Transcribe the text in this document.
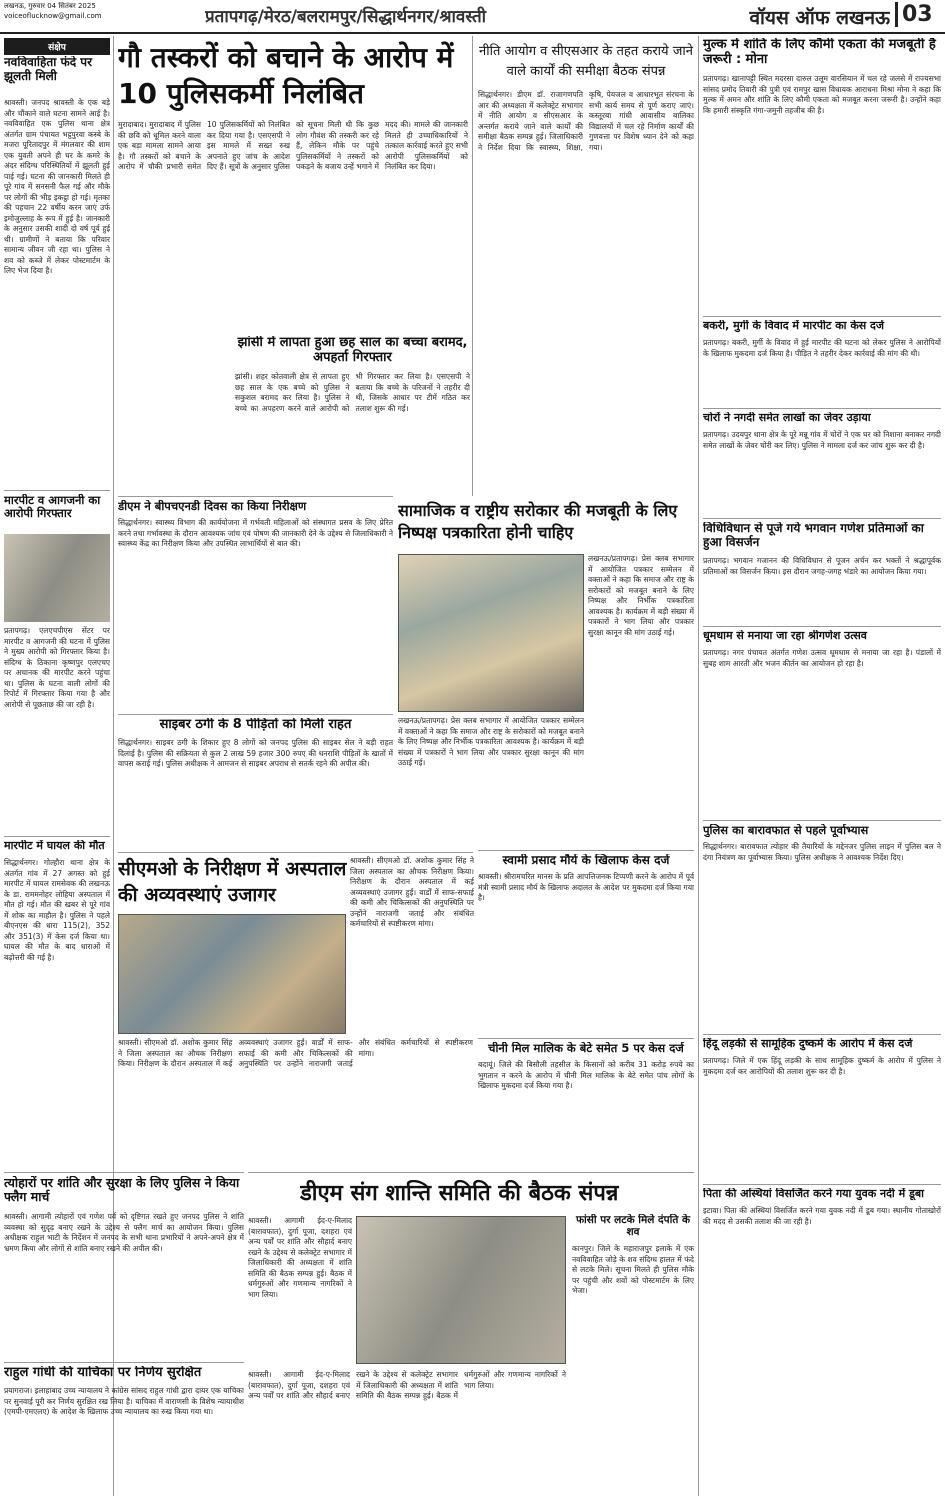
लखनऊ, गुरुवार 04 सितंबर 2025
voiceoflucknow@gmail.com	प्रतापगढ़/मेरठ/बलरामपुर/सिद्धार्थनगर/श्रावस्ती	वॉयस ऑफ लखनऊ 03
संक्षेप
नवविवाहिता फंदे पर झूलती मिली
श्रावस्ती। जनपद श्रावस्ती के एक बड़े और चौंकाने वाले घटना सामने आई है। नवविवाहित एक पुलिस थाना क्षेत्र अंतर्गत ग्राम पंचायत भट्ठपुरवा कस्बे के मजरा पूरितादपुर में मंगलवार की शाम एक युवती अपने ही घर के कमरे के अंदर संदिग्ध परिस्थितियों में झूलती हुई पाई गई। घटना की जानकारी मिलते ही पूरे गांव में सनसनी फैल गई और मौके पर लोगों की भीड़ इकट्ठा हो गई। मृतका की पहचान 22 वर्षीय करन जाएं उर्फ इमोजुल्लाह के रूप में हुई है। जानकारी के अनुसार उसकी शादी दो वर्ष पूर्व हुई थी। ग्रामीणों ने बताया कि परिवार सामान्य जीवन जी रहा था। पुलिस ने शव को कब्जे में लेकर पोस्टमार्टम के लिए भेज दिया है।
मारपीट व आगजनी का आरोपी गिरफ्तार
प्रतापगढ़। एलएचपीएस सेंटर पर मारपीट व आगजनी की घटना में पुलिस ने मुख्य आरोपी को गिरफ्तार किया है। संदिग्ध के ठिकाना कृष्णपुर एलएचए पर अचानक की मारपीट करने पहुंचा था। पुलिस के घटना वाली लोगों की रिपोर्ट में गिरफ्तार किया गया है और आरोपी से पूछताछ की जा रही है।
मारपीट में घायल की मौत
सिद्धार्थनगर। गोल्हौरा थाना क्षेत्र के अंतर्गत गांव में 27 अगस्त को हुई मारपीट में घायल रामसेवक की लखनऊ के डा. राममनोहर लोहिया अस्पताल में मौत हो गई। मौत की खबर से पूरे गांव में शोक का माहौल है। पुलिस ने पहले बीएनएस की धारा 115(2), 352 और 351(3) में केस दर्ज किया था। घायल की मौत के बाद धाराओं में बढ़ोत्तरी की गई है।
त्योहारों पर शांति और सुरक्षा के लिए पुलिस ने किया फ्लैग मार्च
श्रावस्ती। आगामी त्योहारों एवं गणेश पर्व को दृष्टिगत रखते हुए जनपद पुलिस ने शांति व्यवस्था को सुदृढ़ बनाए रखने के उद्देश्य से फ्लैग मार्च का आयोजन किया। पुलिस अधीक्षक राहुल भाटी के निर्देशन में जनपद के सभी थाना प्रभारियों ने अपने-अपने क्षेत्र में भ्रमण किया और लोगों से शांति बनाए रखने की अपील की।
राहुल गांधी की याचिका पर निर्णय सुरक्षित
प्रयागराज। इलाहाबाद उच्च न्यायालय ने कांग्रेस सांसद राहुल गांधी द्वारा दायर एक याचिका पर सुनवाई पूरी कर निर्णय सुरक्षित रख लिया है। याचिका में वाराणसी के विशेष न्यायाधीश (एमपी-एमएलए) के आदेश के खिलाफ उच्च न्यायालय का रुख किया गया था।
गौ तस्करों को बचाने के आरोप में 10 पुलिसकर्मी निलंबित
मुरादाबाद। मुरादाबाद में पुलिस की छवि को धूमिल करने वाला एक बड़ा मामला सामने आया है। गौ तस्करों को बचाने के आरोप में चौकी प्रभारी समेत 10 पुलिसकर्मियों को निलंबित कर दिया गया है। एसएसपी ने इस मामले में सख्त रुख अपनाते हुए जांच के आदेश दिए हैं। सूत्रों के अनुसार पुलिस को सूचना मिली थी कि कुछ लोग गौवंश की तस्करी कर रहे हैं, लेकिन मौके पर पहुंचे पुलिसकर्मियों ने तस्करों को पकड़ने के बजाय उन्हें भगाने में मदद की। मामले की जानकारी मिलते ही उच्चाधिकारियों ने तत्काल कार्रवाई करते हुए सभी आरोपी पुलिसकर्मियों को निलंबित कर दिया।
नीति आयोग व सीएसआर के तहत कराये जाने वाले कार्यों की समीक्षा बैठक संपन्न
सिद्धार्थनगर। डीएम डॉ. राजागणपति आर की अध्यक्षता में कलेक्ट्रेट सभागार में नीति आयोग व सीएसआर के अन्तर्गत कराये जाने वाले कार्यों की समीक्षा बैठक सम्पन्न हुई। जिलाधिकारी ने निर्देश दिया कि स्वास्थ्य, शिक्षा, कृषि, पेयजल व आधारभूत संरचना के सभी कार्य समय से पूर्ण कराए जाएं। कस्तूरबा गांधी आवासीय बालिका विद्यालयों में चल रहे निर्माण कार्यों की गुणवत्ता पर विशेष ध्यान देने को कहा गया।
झांसी में लापता हुआ छह साल का बच्चा बरामद, अपहर्ता गिरफ्तार
झांसी। शहर कोतवाली क्षेत्र से लापता हुए छह साल के एक बच्चे को पुलिस ने सकुशल बरामद कर लिया है। पुलिस ने बच्चे का अपहरण करने वाले आरोपी को भी गिरफ्तार कर लिया है। एसएसपी ने बताया कि बच्चे के परिजनों ने तहरीर दी थी, जिसके आधार पर टीमें गठित कर तलाश शुरू की गई।
डीएम ने बीपचएनडी दिवस का किया निरीक्षण
सिद्धार्थनगर। स्वास्थ्य विभाग की कार्ययोजना में गर्भवती महिलाओं को संस्थागत प्रसव के लिए प्रेरित करने तथा गर्भावस्था के दौरान आवश्यक जांच एवं पोषण की जानकारी देने के उद्देश्य से जिलाधिकारी ने स्वास्थ्य केंद्र का निरीक्षण किया और उपस्थित लाभार्थियों से बात की।
साइबर ठगी के 8 पीड़ितों को मिली राहत
सिद्धार्थनगर। साइबर ठगी के शिकार हुए 8 लोगों को जनपद पुलिस की साइबर सेल ने बड़ी राहत दिलाई है। पुलिस की सक्रियता से कुल 2 लाख 59 हजार 300 रुपए की धनराशि पीड़ितों के खातों में वापस कराई गई। पुलिस अधीक्षक ने आमजन से साइबर अपराध से सतर्क रहने की अपील की।
सामाजिक व राष्ट्रीय सरोकार की मजबूती के लिए निष्पक्ष पत्रकारिता होनी चाहिए
लखनऊ/प्रतापगढ़। प्रेस क्लब सभागार में आयोजित पत्रकार सम्मेलन में वक्ताओं ने कहा कि समाज और राष्ट्र के सरोकारों को मजबूत बनाने के लिए निष्पक्ष और निर्भीक पत्रकारिता आवश्यक है। कार्यक्रम में बड़ी संख्या में पत्रकारों ने भाग लिया और पत्रकार सुरक्षा कानून की मांग उठाई गई।
लखनऊ/प्रतापगढ़। प्रेस क्लब सभागार में आयोजित पत्रकार सम्मेलन में वक्ताओं ने कहा कि समाज और राष्ट्र के सरोकारों को मजबूत बनाने के लिए निष्पक्ष और निर्भीक पत्रकारिता आवश्यक है। कार्यक्रम में बड़ी संख्या में पत्रकारों ने भाग लिया और पत्रकार सुरक्षा कानून की मांग उठाई गई।
स्वामी प्रसाद मौर्य के खिलाफ केस दर्ज
श्रावस्ती। श्रीरामचरित मानस के प्रति आपत्तिजनक टिप्पणी करने के आरोप में पूर्व मंत्री स्वामी प्रसाद मौर्य के खिलाफ अदालत के आदेश पर मुकदमा दर्ज किया गया है।
चीनी मिल मालिक के बेटे समेत 5 पर केस दर्ज
बदायूं। जिले की बिसौली तहसील के किसानों को करीब 31 करोड़ रुपये का भुगतान न करने के आरोप में चीनी मिल मालिक के बेटे समेत पांच लोगों के खिलाफ मुकदमा दर्ज किया गया है।
सीएमओ के निरीक्षण में अस्पताल की अव्यवस्थाएं उजागर
श्रावस्ती। सीएमओ डॉ. अशोक कुमार सिंह ने जिला अस्पताल का औचक निरीक्षण किया। निरीक्षण के दौरान अस्पताल में कई अव्यवस्थाएं उजागर हुईं। वार्डों में साफ-सफाई की कमी और चिकित्सकों की अनुपस्थिति पर उन्होंने नाराजगी जताई और संबंधित कर्मचारियों से स्पष्टीकरण मांगा।
श्रावस्ती। सीएमओ डॉ. अशोक कुमार सिंह ने जिला अस्पताल का औचक निरीक्षण किया। निरीक्षण के दौरान अस्पताल में कई अव्यवस्थाएं उजागर हुईं। वार्डों में साफ-सफाई की कमी और चिकित्सकों की अनुपस्थिति पर उन्होंने नाराजगी जताई और संबंधित कर्मचारियों से स्पष्टीकरण मांगा।
डीएम संग शान्ति समिति की बैठक संपन्न
श्रावस्ती। आगामी ईद-ए-मिलाद (बारावफात), दुर्गा पूजा, दशहरा एवं अन्य पर्वों पर शांति और सौहार्द बनाए रखने के उद्देश्य से कलेक्ट्रेट सभागार में जिलाधिकारी की अध्यक्षता में शांति समिति की बैठक सम्पन्न हुई। बैठक में धर्मगुरुओं और गणमान्य नागरिकों ने भाग लिया।
श्रावस्ती। आगामी ईद-ए-मिलाद (बारावफात), दुर्गा पूजा, दशहरा एवं अन्य पर्वों पर शांति और सौहार्द बनाए रखने के उद्देश्य से कलेक्ट्रेट सभागार में जिलाधिकारी की अध्यक्षता में शांति समिति की बैठक सम्पन्न हुई। बैठक में धर्मगुरुओं और गणमान्य नागरिकों ने भाग लिया।
फांसी पर लटके मिले दंपति के शव
कानपुर। जिले के महाराजपुर इलाके में एक नवविवाहित जोड़े के शव संदिग्ध हालत में फंदे से लटके मिले। सूचना मिलते ही पुलिस मौके पर पहुंची और शवों को पोस्टमार्टम के लिए भेजा।
मुल्क में शांति के लिए कौमी एकता की मजबूती है जरूरी : मोना
प्रतापगढ़। खानापट्टी स्थित मदरसा दारुल उलूम वारसियान में चल रहे जलसे में राज्यसभा सांसद प्रमोद तिवारी की पुत्री एवं रामपुर खास विधायक आराधना मिश्रा मोना ने कहा कि मुल्क में अमन और शांति के लिए कौमी एकता को मजबूत करना जरूरी है। उन्होंने कहा कि हमारी संस्कृति गंगा-जमुनी तहजीब की है।
बकरी, मुर्गी के विवाद में मारपीट का केस दर्ज
प्रतापगढ़। बकरी, मुर्गी के विवाद में हुई मारपीट की घटना को लेकर पुलिस ने आरोपियों के खिलाफ मुकदमा दर्ज किया है। पीड़ित ने तहरीर देकर कार्रवाई की मांग की थी।
चोरों ने नगदी समेत लाखों का जेवर उड़ाया
प्रतापगढ़। उदयपुर थाना क्षेत्र के पूरे मन्नू गांव में चोरों ने एक घर को निशाना बनाकर नगदी समेत लाखों के जेवर चोरी कर लिए। पुलिस ने मामला दर्ज कर जांच शुरू कर दी है।
विधिविधान से पूजे गये भगवान गणेश प्रतिमाओं का हुआ विसर्जन
प्रतापगढ़। भगवान गजानन की विधिविधान से पूजन अर्चन कर भक्तों ने श्रद्धापूर्वक प्रतिमाओं का विसर्जन किया। इस दौरान जगह-जगह भंडारे का आयोजन किया गया।
धूमधाम से मनाया जा रहा श्रीगणेश उत्सव
प्रतापगढ़। नगर पंचायत अंतर्गत गणेश उत्सव धूमधाम से मनाया जा रहा है। पंडालों में सुबह शाम आरती और भजन कीर्तन का आयोजन हो रहा है।
पुलिस का बारावफात से पहले पूर्वाभ्यास
सिद्धार्थनगर। बारावफात त्योहार की तैयारियों के मद्देनजर पुलिस लाइन में पुलिस बल ने दंगा नियंत्रण का पूर्वाभ्यास किया। पुलिस अधीक्षक ने आवश्यक निर्देश दिए।
हिंदू लड़की से सामूहिक दुष्कर्म के आरोप में केस दर्ज
प्रतापगढ़। जिले में एक हिंदू लड़की के साथ सामूहिक दुष्कर्म के आरोप में पुलिस ने मुकदमा दर्ज कर आरोपियों की तलाश शुरू कर दी है।
पिता की अस्थियां विसर्जित करने गया युवक नदी में डूबा
इटावा। पिता की अस्थियां विसर्जित करने गया युवक नदी में डूब गया। स्थानीय गोताखोरों की मदद से उसकी तलाश की जा रही है।
